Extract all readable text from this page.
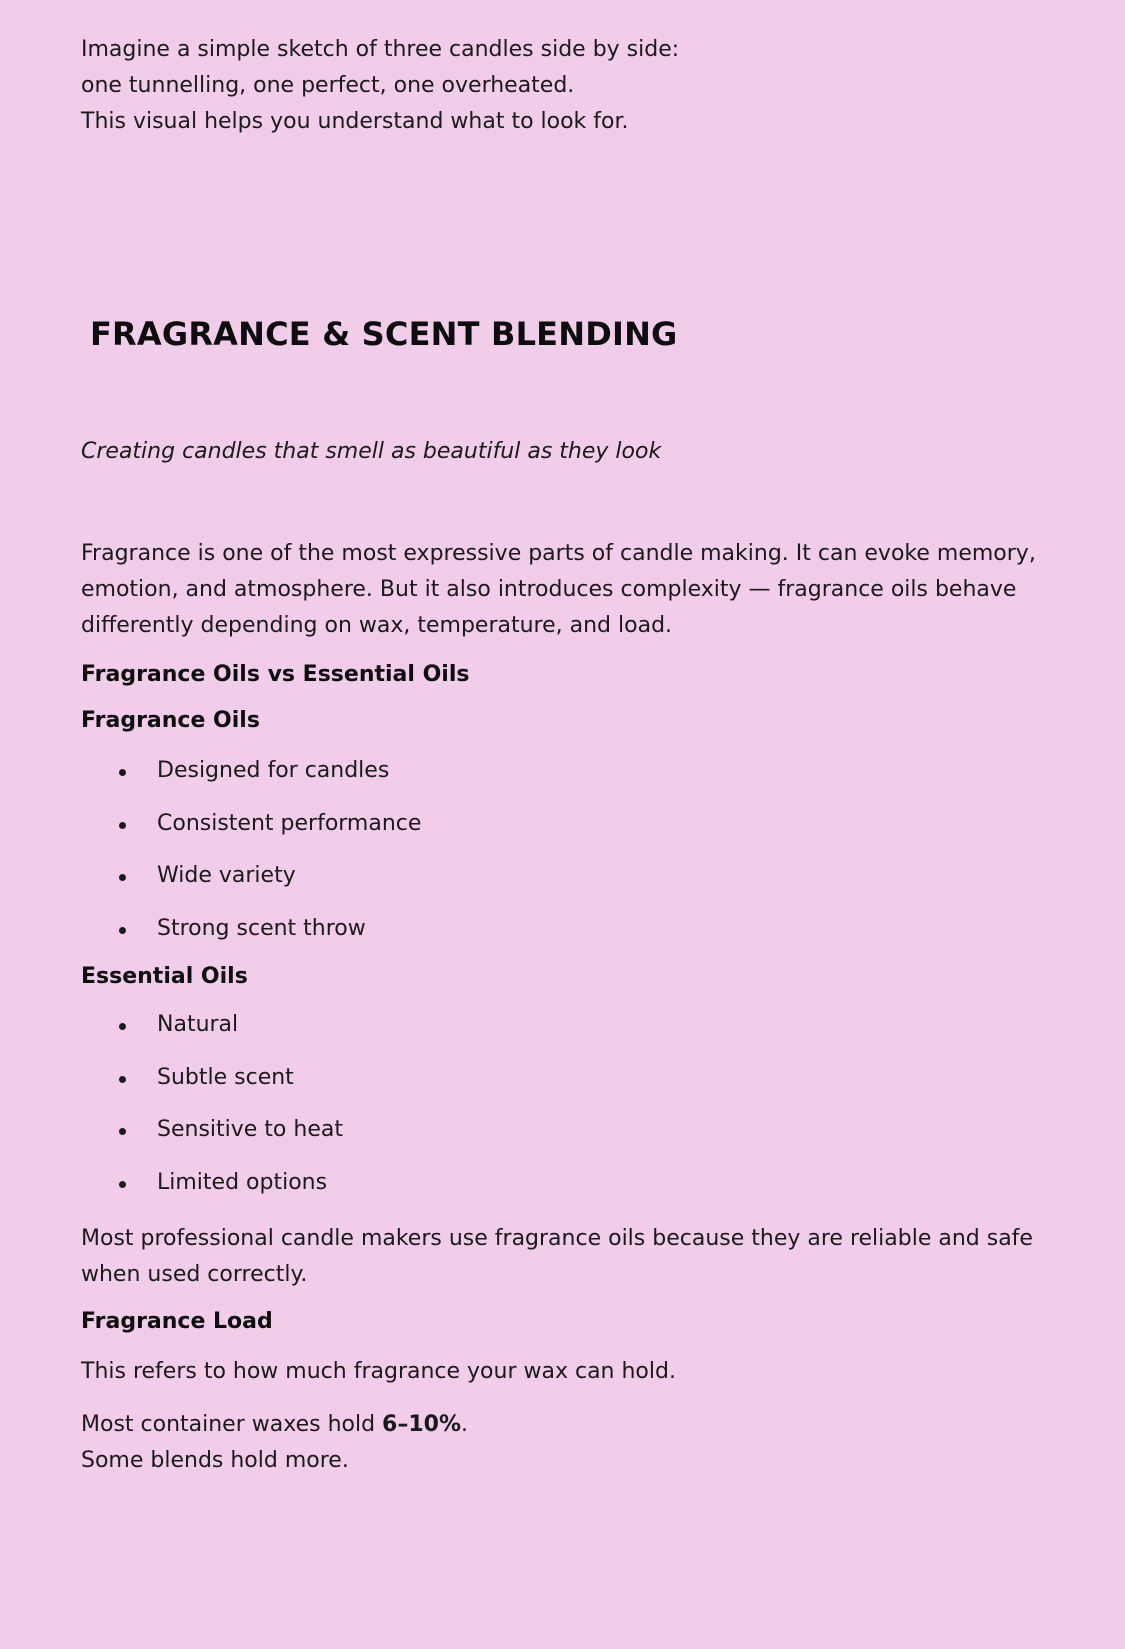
Imagine a simple sketch of three candles side by side:
one tunnelling, one perfect, one overheated.
This visual helps you understand what to look for.

FRAGRANCE & SCENT BLENDING

Creating candles that smell as beautiful as they look

Fragrance is one of the most expressive parts of candle making. It can evoke memory, emotion, and atmosphere. But it also introduces complexity — fragrance oils behave differently depending on wax, temperature, and load.

Fragrance Oils vs Essential Oils
Fragrance Oils
Designed for candles
Consistent performance
Wide variety
Strong scent throw
Essential Oils
Natural
Subtle scent
Sensitive to heat
Limited options

Most professional candle makers use fragrance oils because they are reliable and safe when used correctly.

Fragrance Load

This refers to how much fragrance your wax can hold.

Most container waxes hold 6–10%.

Some blends hold more.
